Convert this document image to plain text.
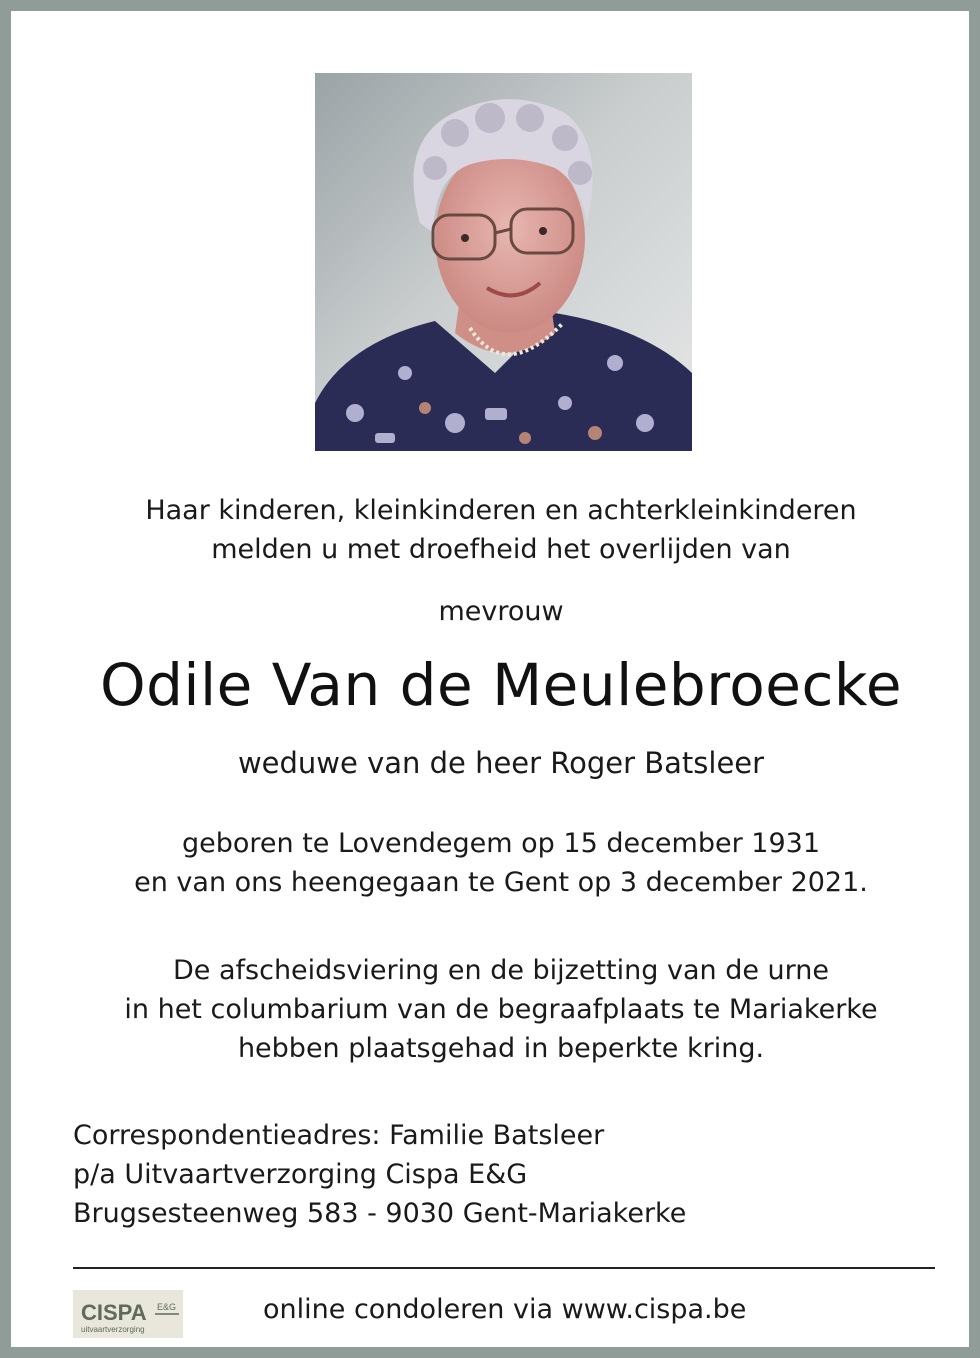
Haar kinderen, kleinkinderen en achterkleinkinderen
melden u met droefheid het overlijden van
mevrouw
Odile Van de Meulebroecke
weduwe van de heer Roger Batsleer
geboren te Lovendegem op 15 december 1931
en van ons heengegaan te Gent op 3 december 2021.
De afscheidsviering en de bijzetting van de urne
in het columbarium van de begraafplaats te Mariakerke
hebben plaatsgehad in beperkte kring.
Correspondentieadres: Familie Batsleer
p/a Uitvaartverzorging Cispa E&G
Brugsesteenweg 583 - 9030 Gent-Mariakerke
CISPA E&G
uitvaartverzorging
online condoleren via www.cispa.be
